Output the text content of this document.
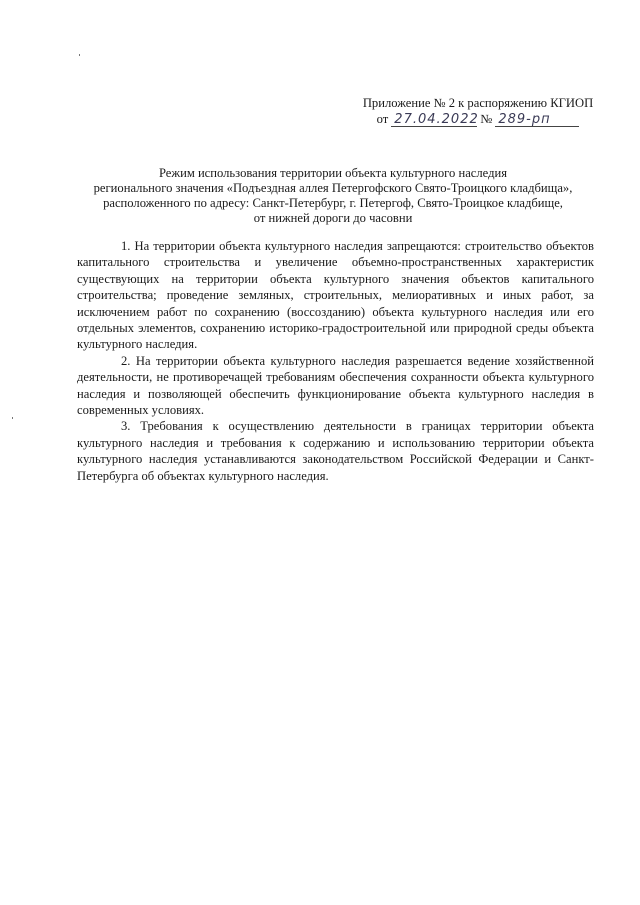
Приложение № 2 к распоряжению КГИОП
от 27.04.2022 № 289-рп
Режим использования территории объекта культурного наследия
регионального значения «Подъездная аллея Петергофского Свято-Троицкого кладбища»,
расположенного по адресу: Санкт-Петербург, г. Петергоф, Свято-Троицкое кладбище,
от нижней дороги до часовни

1. На территории объекта культурного наследия запрещаются: строительство объектов капитального строительства и увеличение объемно-пространственных характеристик существующих на территории объекта культурного значения объектов капитального строительства; проведение земляных, строительных, мелиоративных и иных работ, за исключением работ по сохранению (воссозданию) объекта культурного наследия или его отдельных элементов, сохранению историко-градостроительной или природной среды объекта культурного наследия.

2. На территории объекта культурного наследия разрешается ведение хозяйственной деятельности, не противоречащей требованиям обеспечения сохранности объекта культурного наследия и позволяющей обеспечить функционирование объекта культурного наследия в современных условиях.

3. Требования к осуществлению деятельности в границах территории объекта культурного наследия и требования к содержанию и использованию территории объекта культурного наследия устанавливаются законодательством Российской Федерации и Санкт-Петербурга об объектах культурного наследия.
